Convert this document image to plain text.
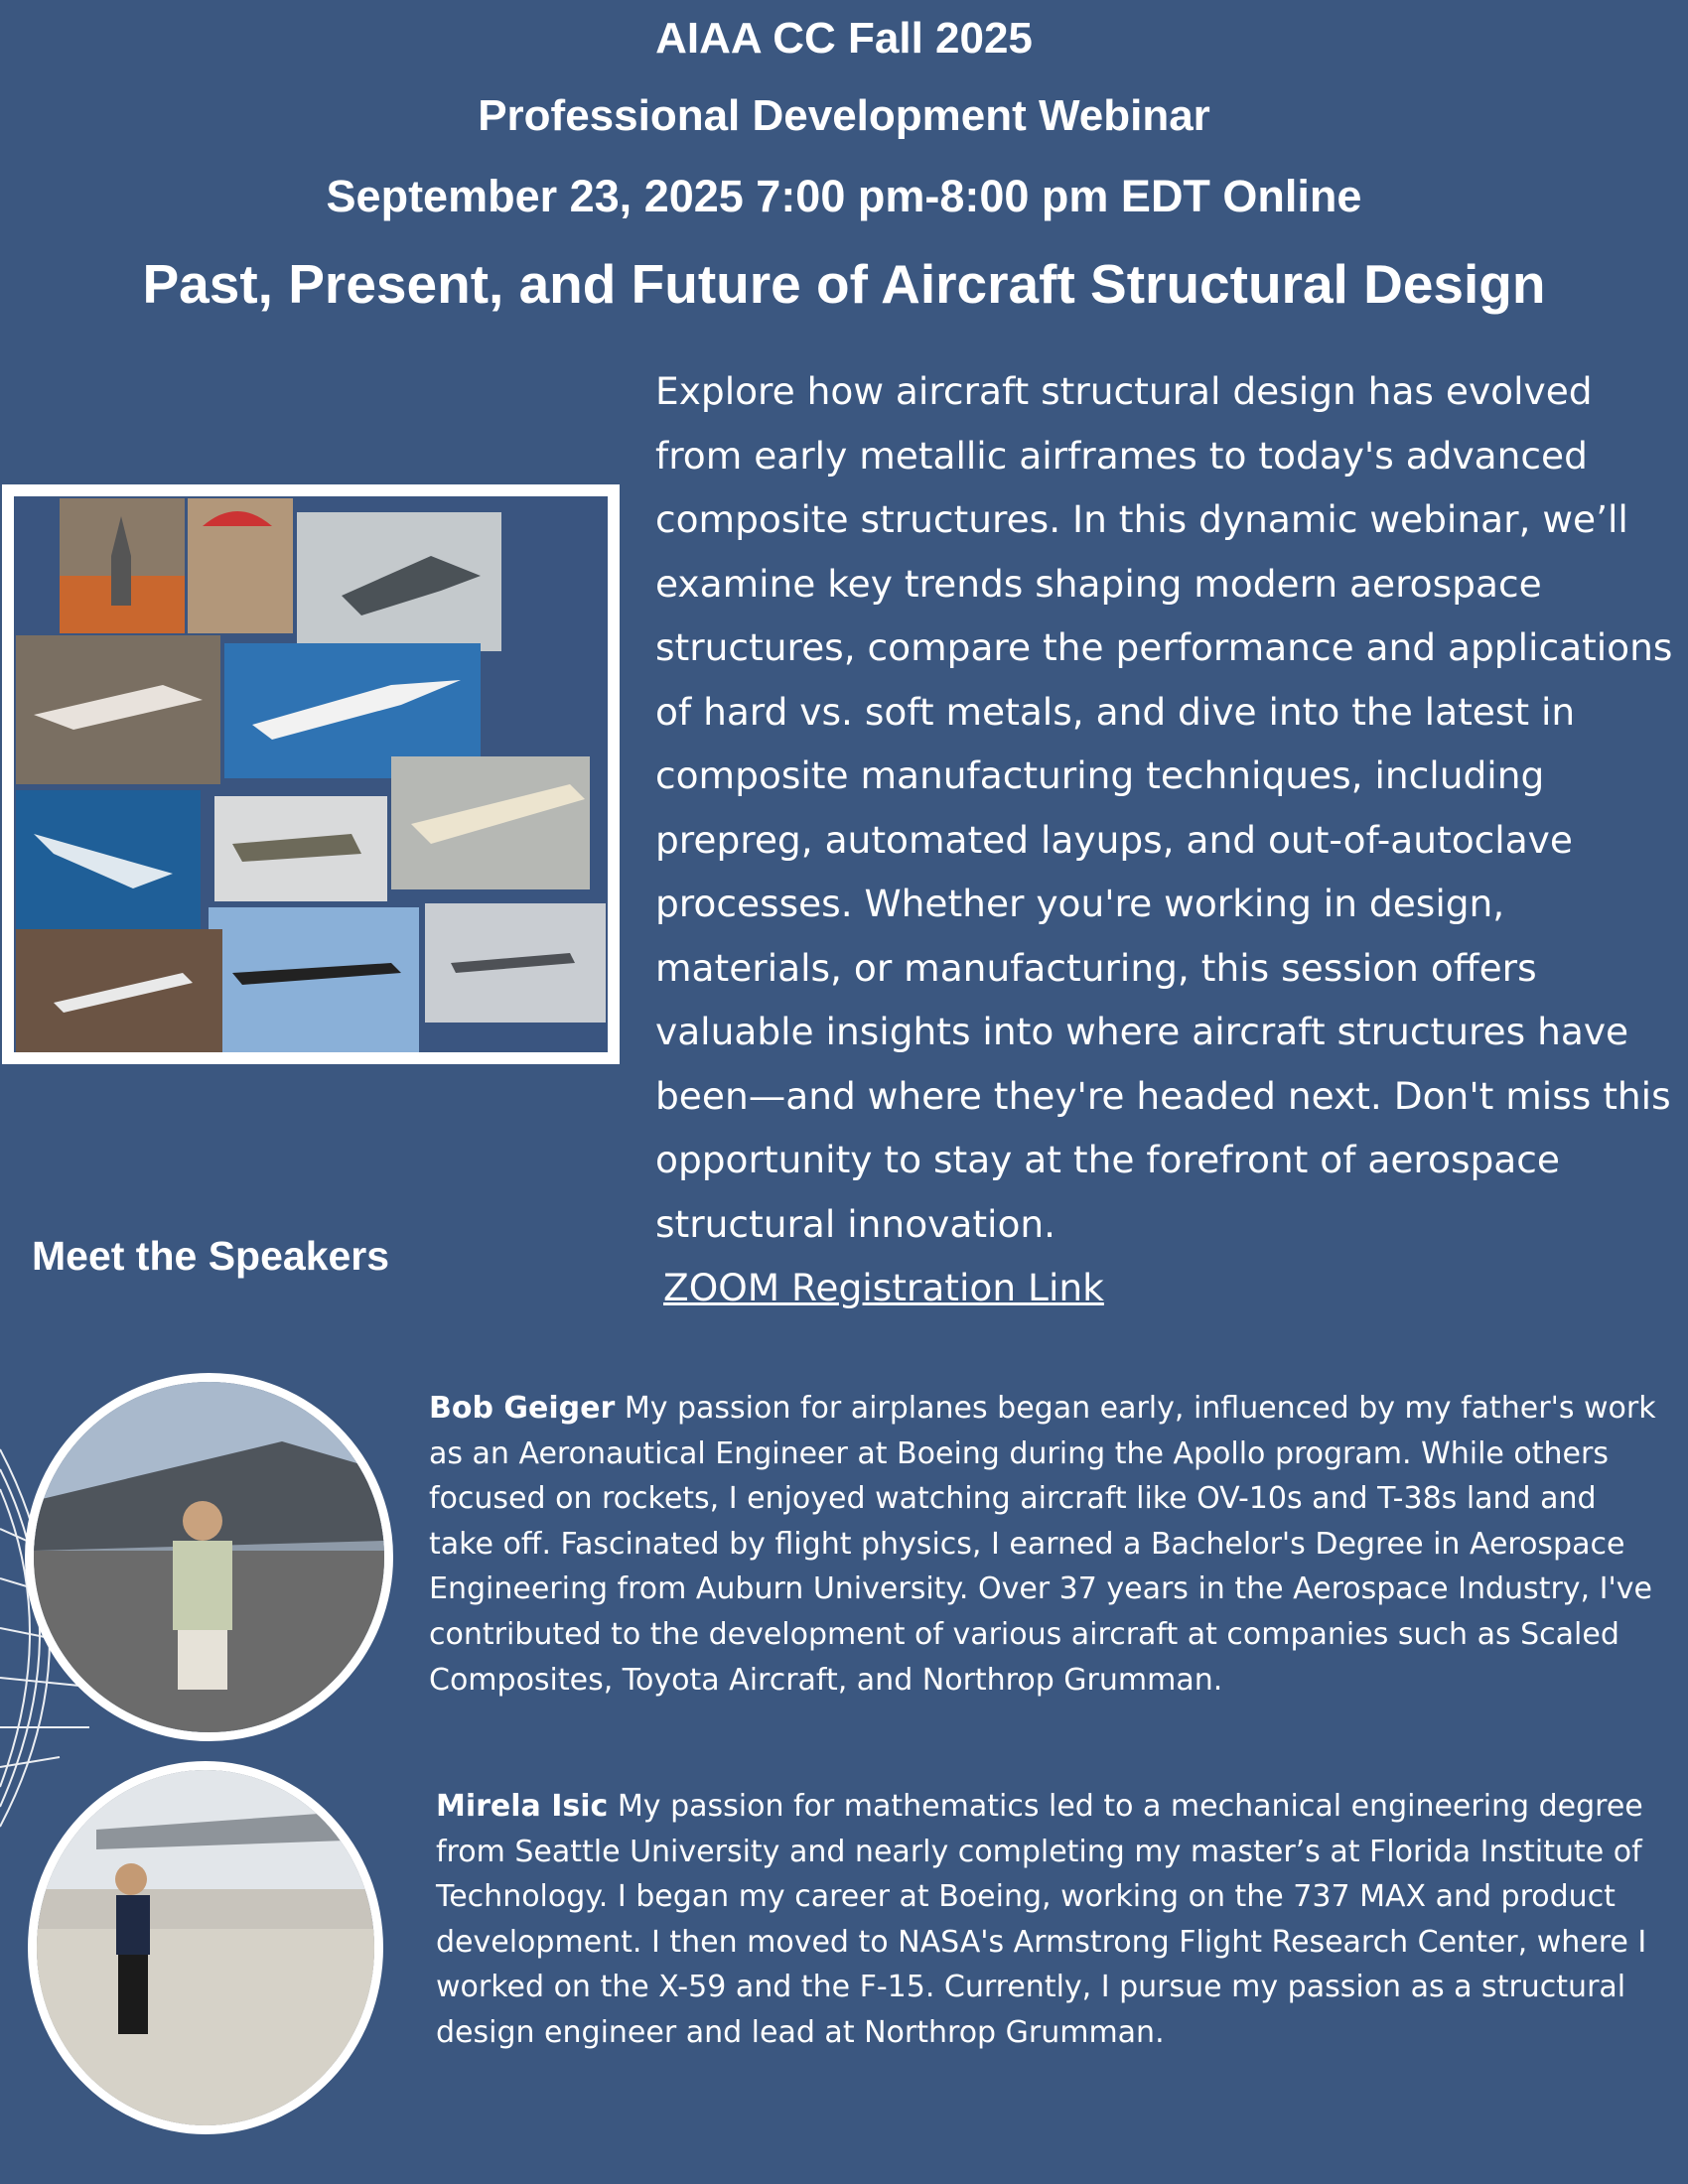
AIAA CC Fall 2025
Professional Development Webinar
September 23, 2025 7:00 pm-8:00 pm EDT Online
Past, Present, and Future of Aircraft Structural Design

Explore how aircraft structural design has evolved from early metallic airframes to today's advanced composite structures. In this dynamic webinar, we’ll examine key trends shaping modern aerospace structures, compare the performance and applications of hard vs. soft metals, and dive into the latest in composite manufacturing techniques, including prepreg, automated layups, and out-of-autoclave processes. Whether you're working in design, materials, or manufacturing, this session offers valuable insights into where aircraft structures have been—and where they're headed next. Don't miss this opportunity to stay at the forefront of aerospace structural innovation.

ZOOM Registration Link
Meet the Speakers
Bob Geiger My passion for airplanes began early, influenced by my father's work as an Aeronautical Engineer at Boeing during the Apollo program. While others focused on rockets, I enjoyed watching aircraft like OV-10s and T-38s land and take off. Fascinated by flight physics, I earned a Bachelor's Degree in Aerospace Engineering from Auburn University. Over 37 years in the Aerospace Industry, I've contributed to the development of various aircraft at companies such as Scaled Composites, Toyota Aircraft, and Northrop Grumman.
Mirela Isic My passion for mathematics led to a mechanical engineering degree from Seattle University and nearly completing my master’s at Florida Institute of Technology. I began my career at Boeing, working on the 737 MAX and product development. I then moved to NASA's Armstrong Flight Research Center, where I worked on the X-59 and the F-15. Currently, I pursue my passion as a structural design engineer and lead at Northrop Grumman.
